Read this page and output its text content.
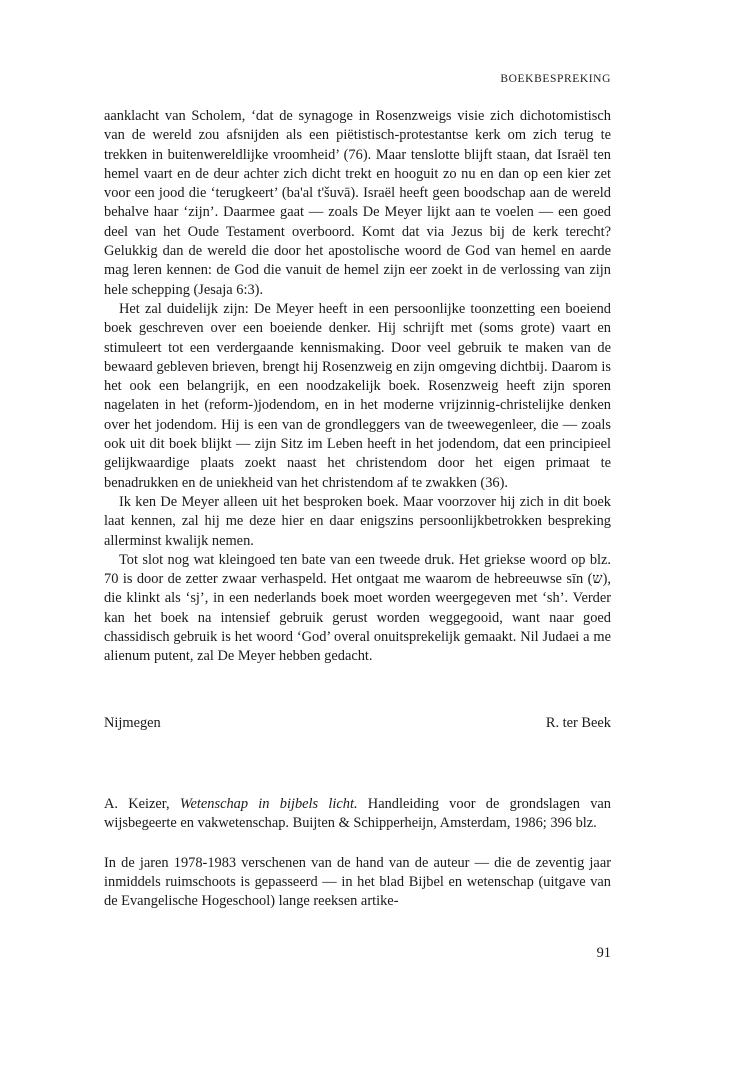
BOEKBESPREKING

aanklacht van Scholem, ‘dat de synagoge in Rosenzweigs visie zich dichotomistisch van de wereld zou afsnijden als een piëtistisch-protestantse kerk om zich terug te trekken in buitenwereldlijke vroomheid’ (76). Maar tenslotte blijft staan, dat Israël ten hemel vaart en de deur achter zich dicht trekt en hooguit zo nu en dan op een kier zet voor een jood die ‘terugkeert’ (ba'al t'šuvā). Israël heeft geen boodschap aan de wereld behalve haar ‘zijn’. Daarmee gaat — zoals De Meyer lijkt aan te voelen — een goed deel van het Oude Testament overboord. Komt dat via Jezus bij de kerk terecht? Gelukkig dan de wereld die door het apostolische woord de God van hemel en aarde mag leren kennen: de God die vanuit de hemel zijn eer zoekt in de verlossing van zijn hele schepping (Jesaja 6:3).

Het zal duidelijk zijn: De Meyer heeft in een persoonlijke toonzetting een boeiend boek geschreven over een boeiende denker. Hij schrijft met (soms grote) vaart en stimuleert tot een verdergaande kennismaking. Door veel gebruik te maken van de bewaard gebleven brieven, brengt hij Rosenzweig en zijn omgeving dichtbij. Daarom is het ook een belangrijk, en een noodzakelijk boek. Rosenzweig heeft zijn sporen nagelaten in het (reform-)jodendom, en in het moderne vrijzinnig-christelijke denken over het jodendom. Hij is een van de grondleggers van de tweewegenleer, die — zoals ook uit dit boek blijkt — zijn Sitz im Leben heeft in het jodendom, dat een principieel gelijkwaardige plaats zoekt naast het christendom door het eigen primaat te benadrukken en de uniekheid van het christendom af te zwakken (36).

Ik ken De Meyer alleen uit het besproken boek. Maar voorzover hij zich in dit boek laat kennen, zal hij me deze hier en daar enigszins persoonlijkbetrokken bespreking allerminst kwalijk nemen.

Tot slot nog wat kleingoed ten bate van een tweede druk. Het griekse woord op blz. 70 is door de zetter zwaar verhaspeld. Het ontgaat me waarom de hebreeuwse sīn (ש), die klinkt als ‘sj’, in een nederlands boek moet worden weergegeven met ‘sh’. Verder kan het boek na intensief gebruik gerust worden weggegooid, want naar goed chassidisch gebruik is het woord ‘God’ overal onuitsprekelijk gemaakt. Nil Judaei a me alienum putent, zal De Meyer hebben gedacht.

Nijmegen	R. ter Beek

A. Keizer, Wetenschap in bijbels licht. Handleiding voor de grondslagen van wijsbegeerte en vakwetenschap. Buijten & Schipperheijn, Amsterdam, 1986; 396 blz.

In de jaren 1978-1983 verschenen van de hand van de auteur — die de zeventig jaar inmiddels ruimschoots is gepasseerd — in het blad Bijbel en wetenschap (uitgave van de Evangelische Hogeschool) lange reeksen artike-

91
